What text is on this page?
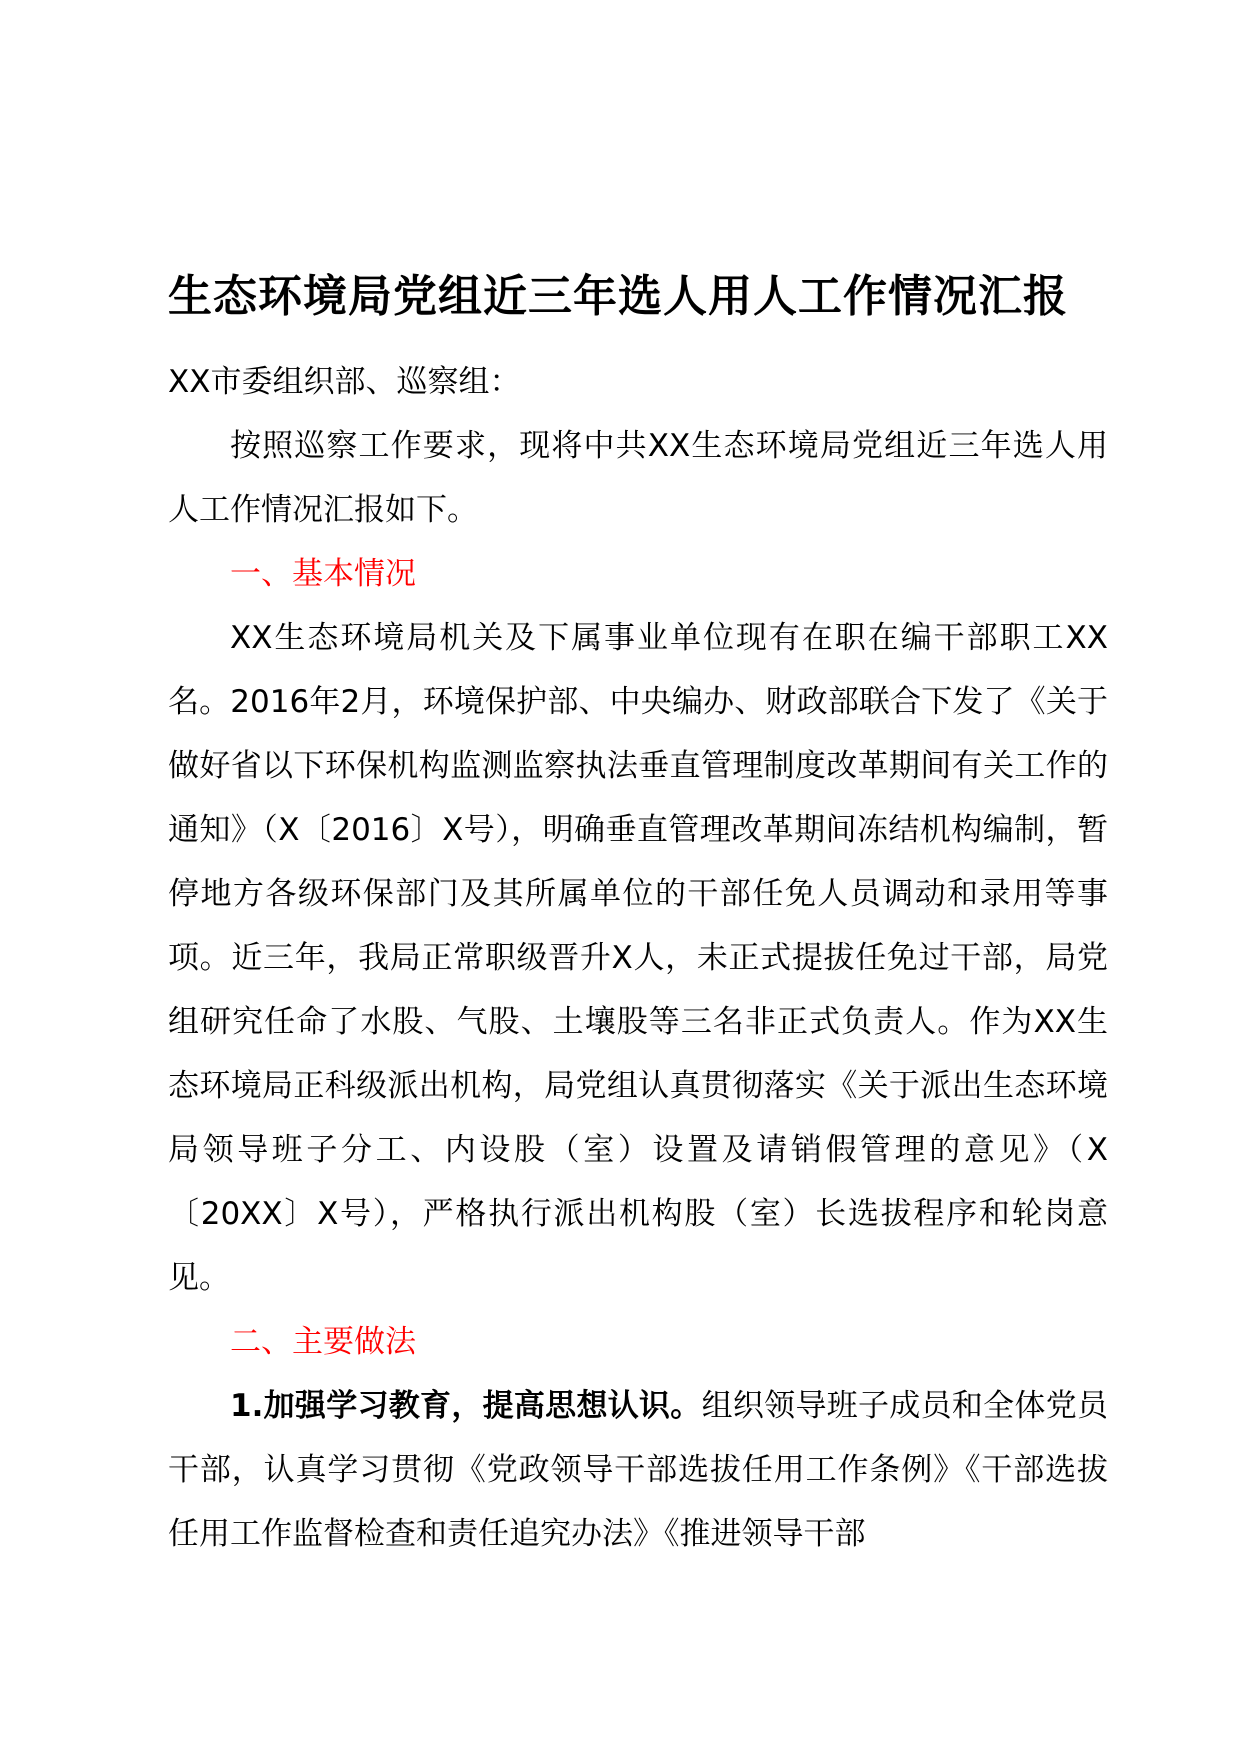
生态环境局党组近三年选人用人工作情况汇报

XX市委组织部、巡察组：

按照巡察工作要求，现将中共XX生态环境局党组近三年选人用人工作情况汇报如下。

一、基本情况

XX生态环境局机关及下属事业单位现有在职在编干部职工XX名。2016年2月，环境保护部、中央编办、财政部联合下发了《关于做好省以下环保机构监测监察执法垂直管理制度改革期间有关工作的通知》（X〔2016〕X号），明确垂直管理改革期间冻结机构编制，暂停地方各级环保部门及其所属单位的干部任免人员调动和录用等事项。近三年，我局正常职级晋升X人，未正式提拔任免过干部，局党组研究任命了水股、气股、土壤股等三名非正式负责人。作为XX生态环境局正科级派出机构，局党组认真贯彻落实《关于派出生态环境局领导班子分工、内设股（室）设置及请销假管理的意见》（X〔20XX〕X号），严格执行派出机构股（室）长选拔程序和轮岗意见。

二、主要做法

1.加强学习教育，提高思想认识。组织领导班子成员和全体党员干部，认真学习贯彻《党政领导干部选拔任用工作条例》《干部选拔任用工作监督检查和责任追究办法》《推进领导干部
